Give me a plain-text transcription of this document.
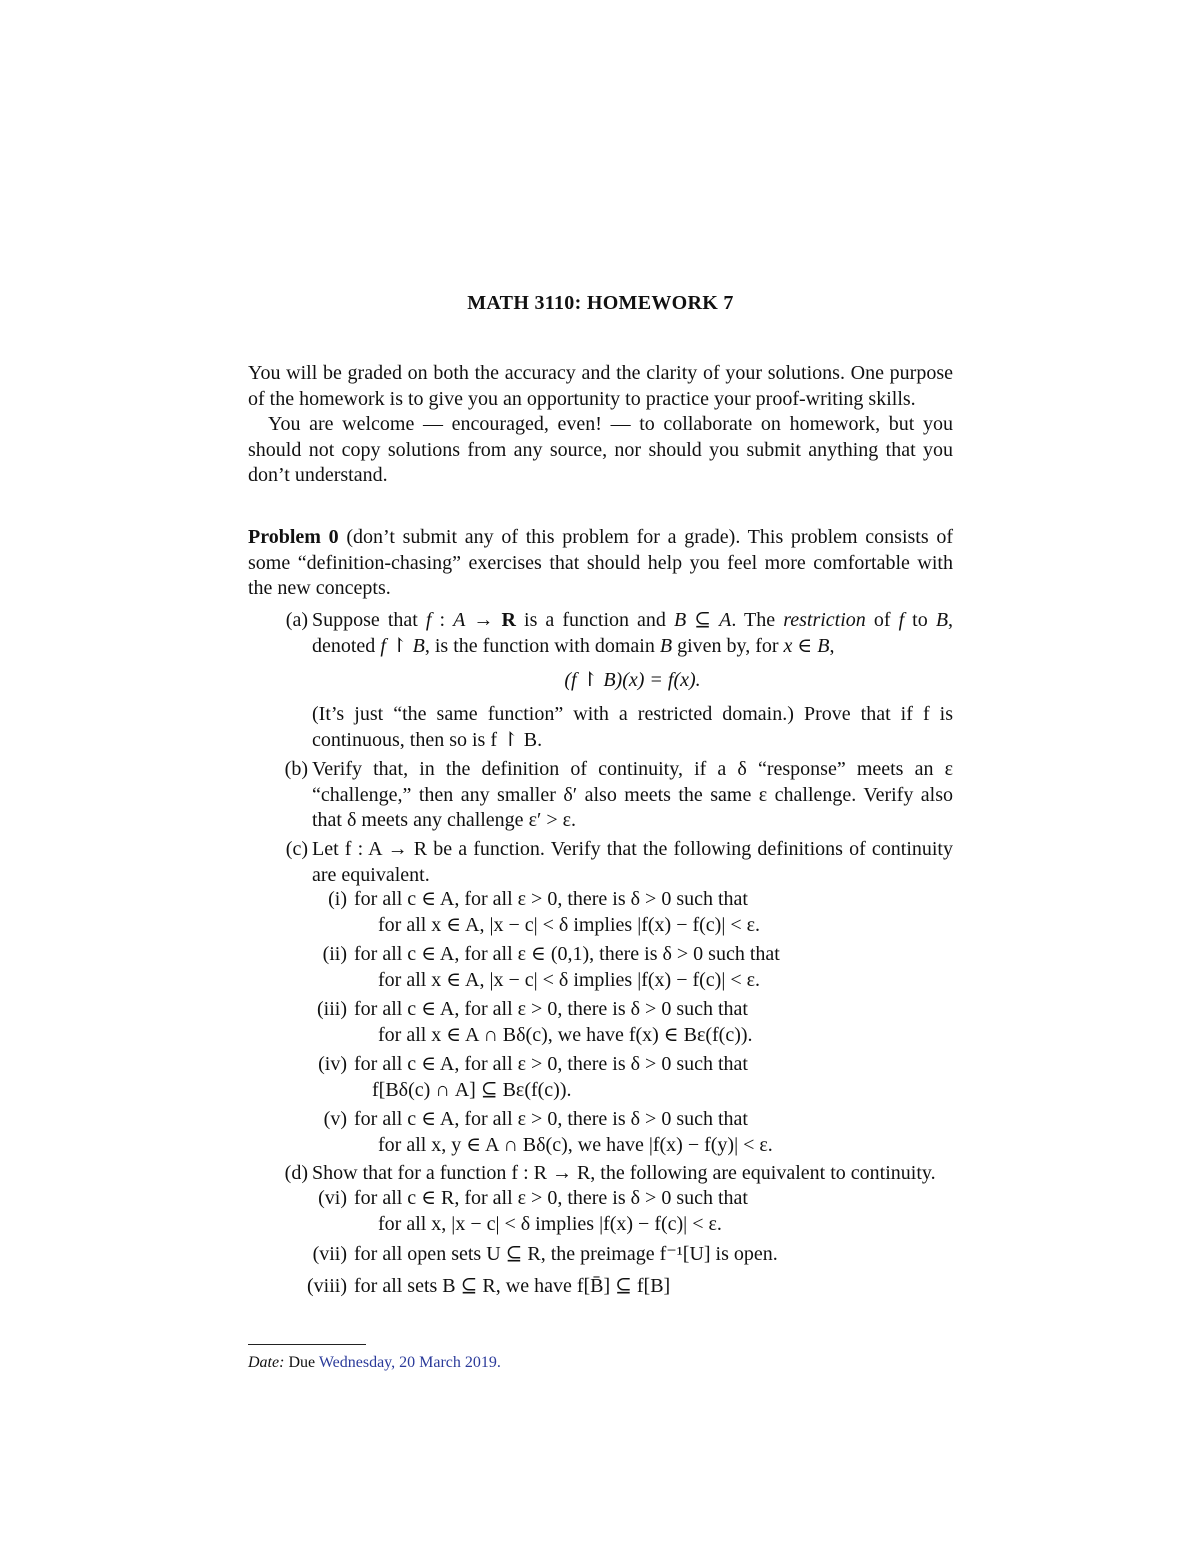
MATH 3110: HOMEWORK 7

You will be graded on both the accuracy and the clarity of your solutions. One purpose of the homework is to give you an opportunity to practice your proof-writing skills.

You are welcome — encouraged, even! — to collaborate on homework, but you should not copy solutions from any source, nor should you submit anything that you don’t understand.

Problem 0 (don’t submit any of this problem for a grade). This problem consists of some “definition-chasing” exercises that should help you feel more comfortable with the new concepts.

(a) Suppose that f : A → R is a function and B ⊆ A. The restriction of f to B, denoted f ↾ B, is the function with domain B given by, for x ∈ B,
(f ↾ B)(x) = f(x).
(It’s just “the same function” with a restricted domain.) Prove that if f is continuous, then so is f ↾ B.
(b) Verify that, in the definition of continuity, if a δ “response” meets an ε “challenge,” then any smaller δ′ also meets the same ε challenge. Verify also that δ meets any challenge ε′ > ε.
(c) Let f : A → R be a function. Verify that the following definitions of continuity are equivalent.
(i) for all c ∈ A, for all ε > 0, there is δ > 0 such that
for all x ∈ A, |x − c| < δ implies |f(x) − f(c)| < ε.
(ii) for all c ∈ A, for all ε ∈ (0,1), there is δ > 0 such that
for all x ∈ A, |x − c| < δ implies |f(x) − f(c)| < ε.
(iii) for all c ∈ A, for all ε > 0, there is δ > 0 such that
for all x ∈ A ∩ Bδ(c), we have f(x) ∈ Bε(f(c)).
(iv) for all c ∈ A, for all ε > 0, there is δ > 0 such that
f[Bδ(c) ∩ A] ⊆ Bε(f(c)).
(v) for all c ∈ A, for all ε > 0, there is δ > 0 such that
for all x, y ∈ A ∩ Bδ(c), we have |f(x) − f(y)| < ε.
(d) Show that for a function f : R → R, the following are equivalent to continuity.
(vi) for all c ∈ R, for all ε > 0, there is δ > 0 such that
for all x, |x − c| < δ implies |f(x) − f(c)| < ε.
(vii) for all open sets U ⊆ R, the preimage f⁻¹[U] is open.
(viii) for all sets B ⊆ R, we have f[B̄] ⊆ f[B]
Date: Due Wednesday, 20 March 2019.
